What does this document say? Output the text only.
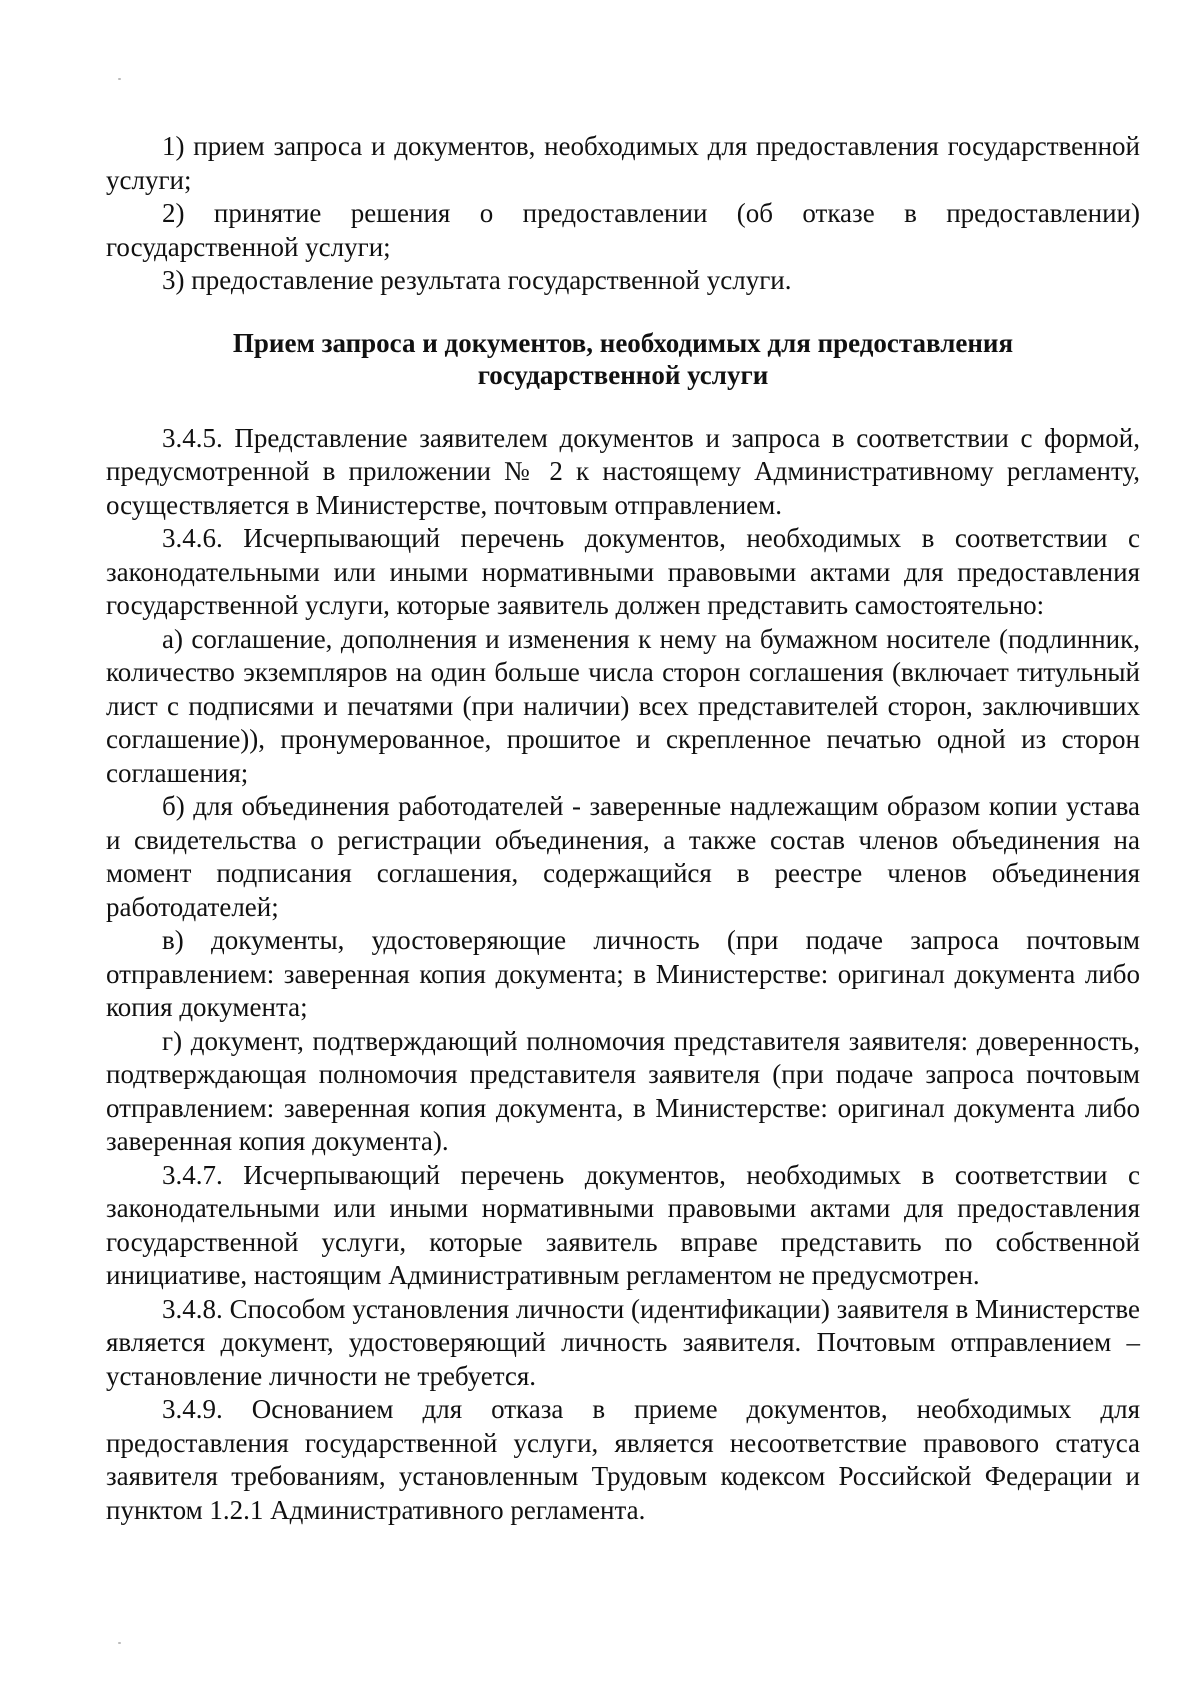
1) прием запроса и документов, необходимых для предоставления государственной услуги;

2) принятие решения о предоставлении (об отказе в предоставлении) государственной услуги;

3) предоставление результата государственной услуги.

Прием запроса и документов, необходимых для предоставления
государственной услуги

3.4.5. Представление заявителем документов и запроса в соответствии с формой, предусмотренной в приложении № 2 к настоящему Административному регламенту, осуществляется в Министерстве, почтовым отправлением.

3.4.6. Исчерпывающий перечень документов, необходимых в соответствии с законодательными или иными нормативными правовыми актами для предоставления государственной услуги, которые заявитель должен представить самостоятельно:

а) соглашение, дополнения и изменения к нему на бумажном носителе (подлинник, количество экземпляров на один больше числа сторон соглашения (включает титульный лист с подписями и печатями (при наличии) всех представителей сторон, заключивших соглашение)), пронумерованное, прошитое и скрепленное печатью одной из сторон соглашения;

б) для объединения работодателей - заверенные надлежащим образом копии устава и свидетельства о регистрации объединения, а также состав членов объединения на момент подписания соглашения, содержащийся в реестре членов объединения работодателей;

в) документы, удостоверяющие личность (при подаче запроса почтовым отправлением: заверенная копия документа; в Министерстве: оригинал документа либо копия документа;

г) документ, подтверждающий полномочия представителя заявителя: доверенность, подтверждающая полномочия представителя заявителя (при подаче запроса почтовым отправлением: заверенная копия документа, в Министерстве: оригинал документа либо заверенная копия документа).

3.4.7. Исчерпывающий перечень документов, необходимых в соответствии с законодательными или иными нормативными правовыми актами для предоставления государственной услуги, которые заявитель вправе представить по собственной инициативе, настоящим Административным регламентом не предусмотрен.

3.4.8. Способом установления личности (идентификации) заявителя в Министерстве является документ, удостоверяющий личность заявителя. Почтовым отправлением – установление личности не требуется.

3.4.9. Основанием для отказа в приеме документов, необходимых для предоставления государственной услуги, является несоответствие правового статуса заявителя требованиям, установленным Трудовым кодексом Российской Федерации и пунктом 1.2.1 Административного регламента.
